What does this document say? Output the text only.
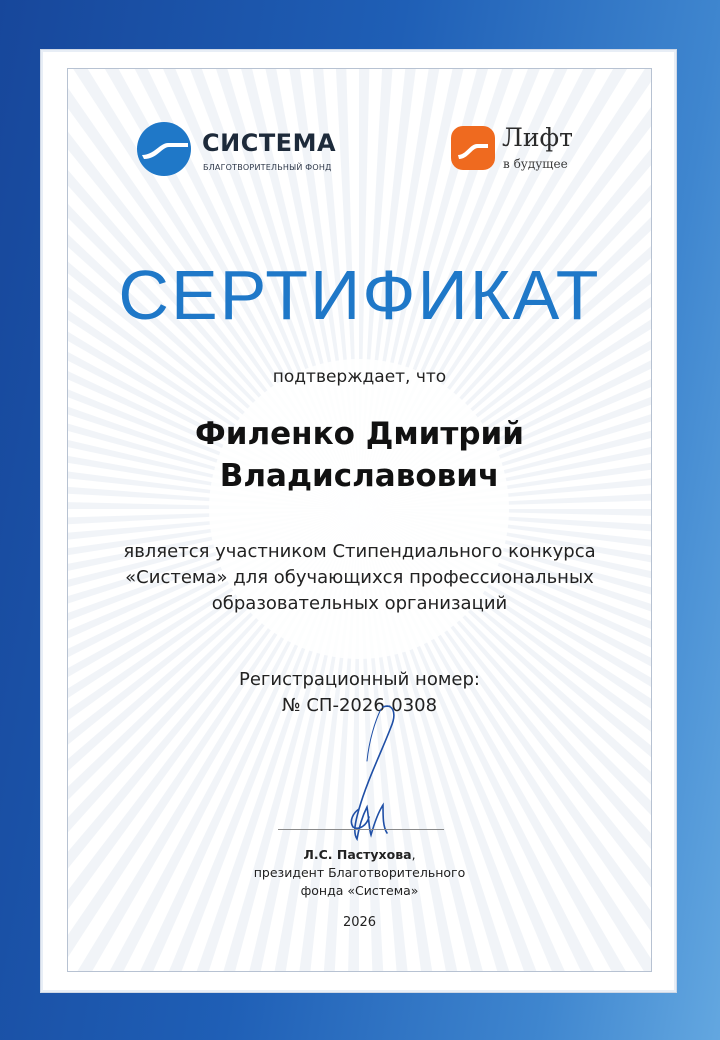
СИСТЕМА
БЛАГОТВОРИТЕЛЬНЫЙ ФОНД
Лифт
в будущее
СЕРТИФИКАТ
подтверждает, что
Филенко Дмитрий
Владиславович
является участником Стипендиального конкурса «Система» для обучающихся профессиональных образовательных организаций
Регистрационный номер:
№ СП-2026-0308
Л.С. Пастухова,
президент Благотворительного
фонда «Система»
2026
